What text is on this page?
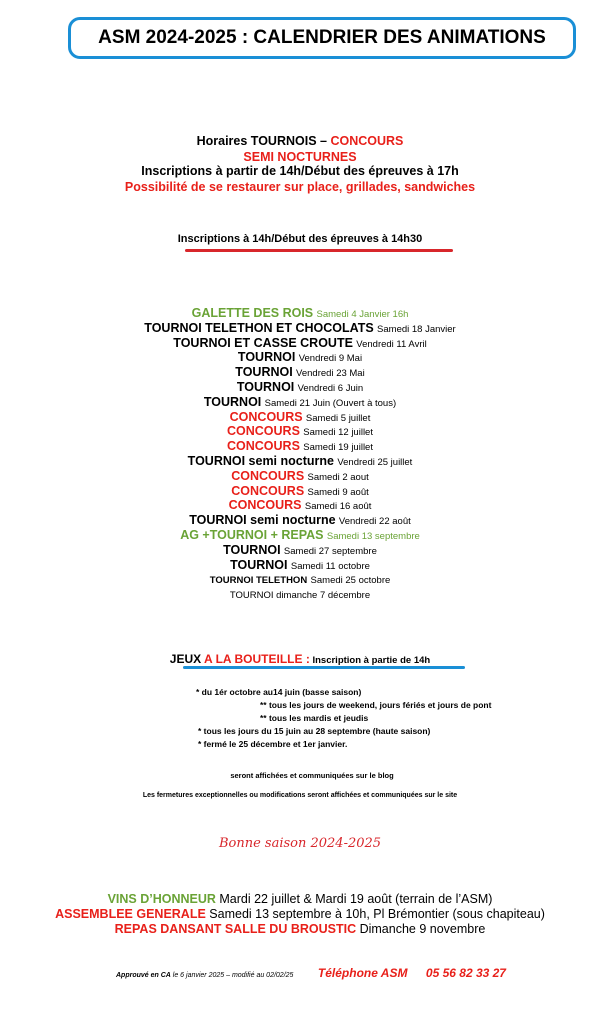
ASM 2024-2025 : CALENDRIER DES ANIMATIONS
Horaires TOURNOIS – CONCOURS
SEMI NOCTURNES
Inscriptions à partir de 14h/Début des épreuves à 17h
Possibilité de se restaurer sur place, grillades, sandwiches
Inscriptions à 14h/Début des épreuves à 14h30
GALETTE DES ROIS Samedi 4 Janvier 16h
TOURNOI TELETHON ET CHOCOLATS Samedi 18 Janvier
TOURNOI ET CASSE CROUTE Vendredi 11 Avril
TOURNOI Vendredi 9 Mai
TOURNOI Vendredi 23 Mai
TOURNOI Vendredi 6 Juin
TOURNOI Samedi 21 Juin (Ouvert à tous)
CONCOURS Samedi 5 juillet
CONCOURS Samedi 12 juillet
CONCOURS Samedi 19 juillet
TOURNOI semi nocturne Vendredi 25 juillet
CONCOURS Samedi 2 aout
CONCOURS Samedi 9 août
CONCOURS Samedi 16 août
TOURNOI semi nocturne Vendredi 22 août
AG +TOURNOI + REPAS Samedi 13 septembre
TOURNOI Samedi 27 septembre
TOURNOI Samedi 11 octobre
TOURNOI TELETHON Samedi 25 octobre
TOURNOI dimanche 7 décembre
JEUX A LA BOUTEILLE : Inscription à partie de 14h
* du 1ér octobre au14 juin (basse saison)
** tous les jours de weekend, jours fériés et jours de pont
** tous les mardis et jeudis
* tous les jours du 15 juin au 28 septembre (haute saison)
* fermé le 25 décembre et 1er janvier.
seront affichées et communiquées sur le blog
Les fermetures exceptionnelles ou modifications seront affichées et communiquées sur le site
Bonne saison 2024-2025
VINS D’HONNEUR Mardi 22 juillet & Mardi 19 août (terrain de l’ASM)
ASSEMBLEE GENERALE Samedi 13 septembre à 10h, Pl Brémontier (sous chapiteau)
REPAS DANSANT SALLE DU BROUSTIC Dimanche 9 novembre
Approuvé en CA le 6 janvier 2025 – modifié au 02/02/25 Téléphone ASM 05 56 82 33 27
